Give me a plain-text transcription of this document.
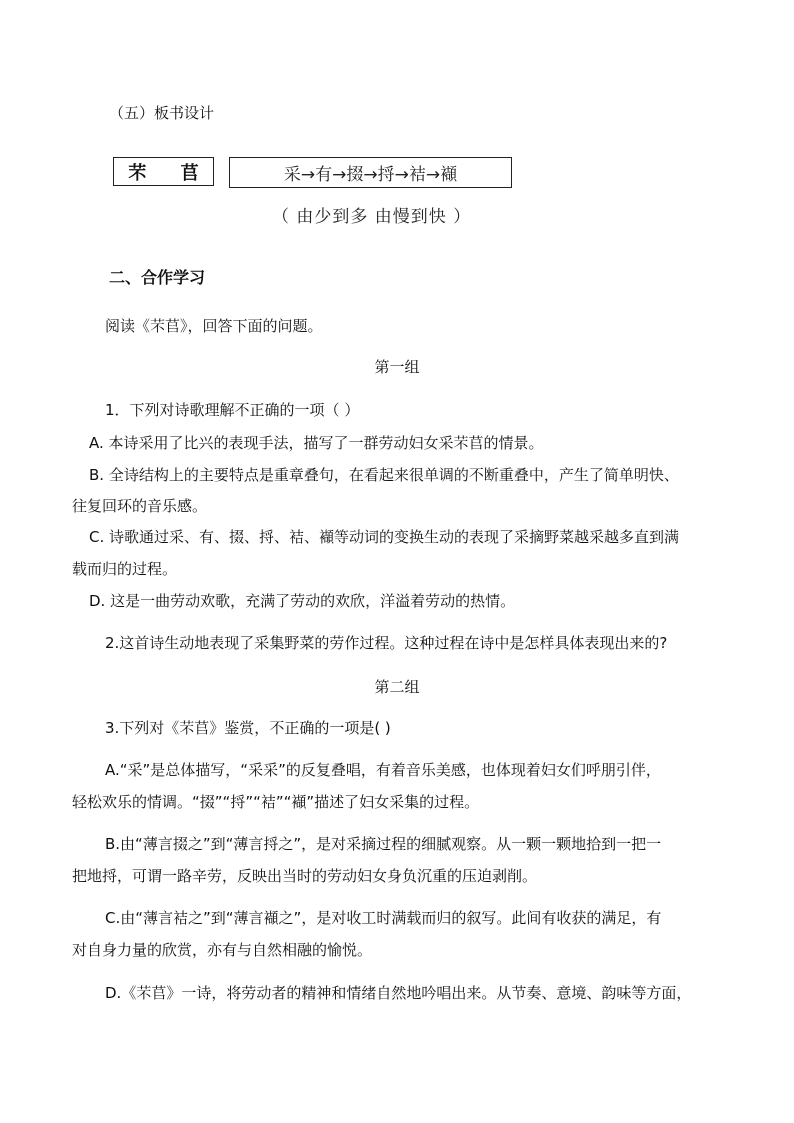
（五）板书设计
芣 苢	采→有→掇→捋→袺→襭
（ 由少到多 由慢到快 ）
二、合作学习
阅读《芣苢》，回答下面的问题。
第一组
1．下列对诗歌理解不正确的一项（ ）
A. 本诗采用了比兴的表现手法，描写了一群劳动妇女采芣苢的情景。
B. 全诗结构上的主要特点是重章叠句，在看起来很单调的不断重叠中，产生了简单明快、
往复回环的音乐感。
C. 诗歌通过采、有、掇、捋、袺、襭等动词的变换生动的表现了采摘野菜越采越多直到满
载而归的过程。
D. 这是一曲劳动欢歌，充满了劳动的欢欣，洋溢着劳动的热情。
2.这首诗生动地表现了采集野菜的劳作过程。这种过程在诗中是怎样具体表现出来的?
第二组
3.下列对《芣苢》鉴赏，不正确的一项是( )
A.“采”是总体描写，“采采”的反复叠唱，有着音乐美感，也体现着妇女们呼朋引伴，
轻松欢乐的情调。“掇”“捋”“袺”“襭”描述了妇女采集的过程。
B.由“薄言掇之”到“薄言捋之”，是对采摘过程的细腻观察。从一颗一颗地拾到一把一
把地捋，可谓一路辛劳，反映出当时的劳动妇女身负沉重的压迫剥削。
C.由“薄言袺之”到“薄言襭之”，是对收工时满载而归的叙写。此间有收获的满足，有
对自身力量的欣赏，亦有与自然相融的愉悦。
D.《芣苢》一诗，将劳动者的精神和情绪自然地吟唱出来。从节奏、意境、韵味等方面，
